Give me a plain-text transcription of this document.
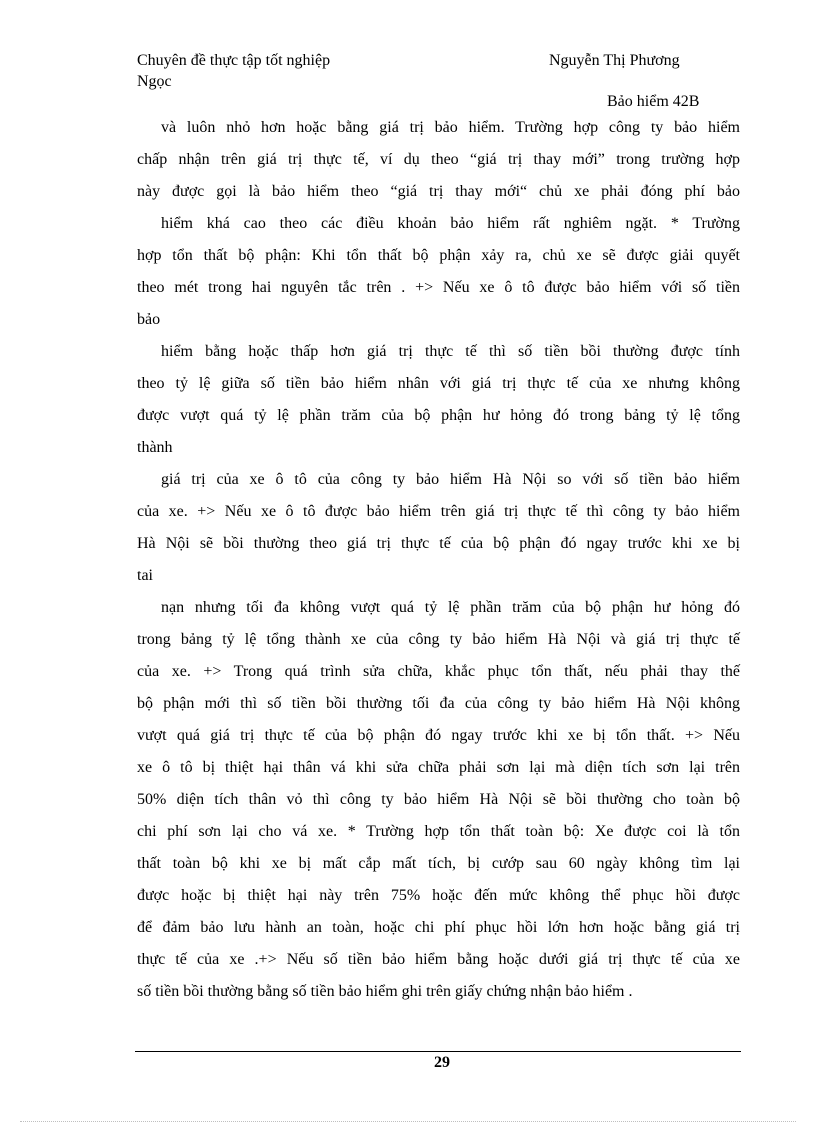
Chuyên đề thực tập tốt nghiệp	Nguyễn Thị Phương
Ngọc
Bảo hiểm 42B
và luôn nhỏ hơn hoặc bằng giá trị bảo hiểm. Trường hợp công ty bảo hiểm
chấp nhận trên giá trị thực tế, ví dụ theo “giá trị thay mới” trong trường hợp
này được gọi là bảo hiểm theo “giá trị thay mới“ chủ xe phải đóng phí bảo
hiểm khá cao theo các điều khoản bảo hiểm rất nghiêm ngặt. * Trường
hợp tổn thất bộ phận: Khi tổn thất bộ phận xảy ra, chủ xe sẽ được giải quyết
theo mét trong hai nguyên tắc trên . +> Nếu xe ô tô được bảo hiểm với số tiền
bảo
hiểm bằng hoặc thấp hơn giá trị thực tế thì số tiền bồi thường được tính
theo tỷ lệ giữa số tiền bảo hiểm nhân với giá trị thực tế của xe nhưng không
được vượt quá tỷ lệ phần trăm của bộ phận hư hỏng đó trong bảng tỷ lệ tổng
thành
giá trị của xe ô tô của công ty bảo hiểm Hà Nội so với số tiền bảo hiểm
của xe. +> Nếu xe ô tô được bảo hiểm trên giá trị thực tế thì công ty bảo hiểm
Hà Nội sẽ bồi thường theo giá trị thực tế của bộ phận đó ngay trước khi xe bị
tai
nạn nhưng tối đa không vượt quá tỷ lệ phần trăm của bộ phận hư hỏng đó
trong bảng tỷ lệ tổng thành xe của công ty bảo hiểm Hà Nội và giá trị thực tế
của xe. +> Trong quá trình sửa chữa, khắc phục tổn thất, nếu phải thay thế
bộ phận mới thì số tiền bồi thường tối đa của công ty bảo hiểm Hà Nội không
vượt quá giá trị thực tế của bộ phận đó ngay trước khi xe bị tổn thất. +> Nếu
xe ô tô bị thiệt hại thân vá khi sửa chữa phải sơn lại mà diện tích sơn lại trên
50% diện tích thân vỏ thì công ty bảo hiểm Hà Nội sẽ bồi thường cho toàn bộ
chi phí sơn lại cho vá xe. * Trường hợp tổn thất toàn bộ: Xe được coi là tổn
thất toàn bộ khi xe bị mất cắp mất tích, bị cướp sau 60 ngày không tìm lại
được hoặc bị thiệt hại này trên 75% hoặc đến mức không thể phục hồi được
để đảm bảo lưu hành an toàn, hoặc chi phí phục hồi lớn hơn hoặc bằng giá trị
thực tế của xe .+> Nếu số tiền bảo hiểm bằng hoặc dưới giá trị thực tế của xe
số tiền bồi thường bằng số tiền bảo hiểm ghi trên giấy chứng nhận bảo hiểm .
29
